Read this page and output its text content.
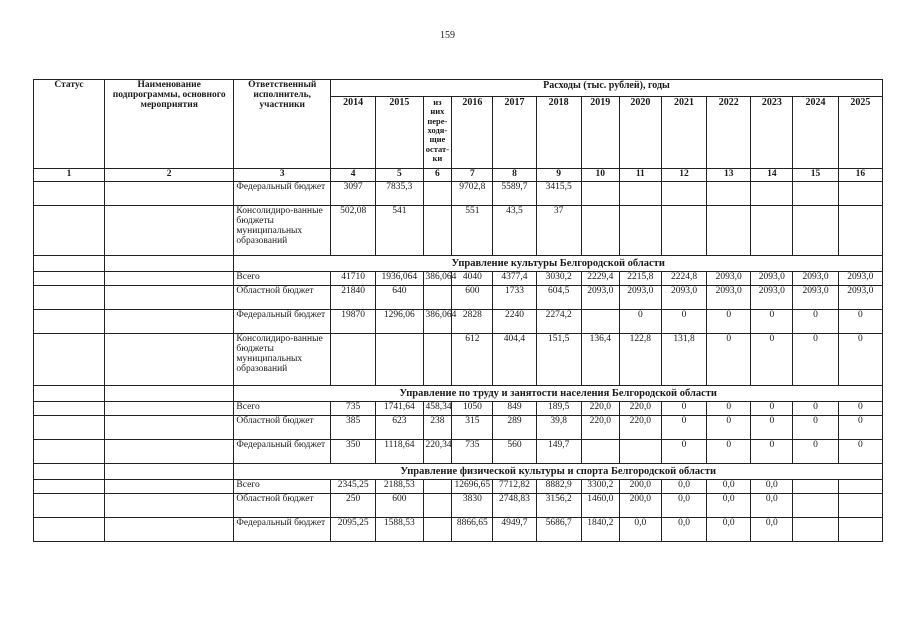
159
Статус	Наименование подпрограммы, основного мероприятия	Ответственный исполнитель, участники	Расходы (тыс. рублей), годы												
			2014	2015	из них пере-ходя-щие остат-ки	2016	2017	2018	2019	2020	2021	2022	2023	2024	2025
1	2	3	4	5	6	7	8	9	10	11	12	13	14	15	16
		Федеральный бюджет	3097	7835,3		9702,8	5589,7	3415,5							
		Консолидиро-ванные бюджеты муниципальных образований	502,08	541		551	43,5	37							
		Управление культуры Белгородской области													
		Всего	41710	1936,064	386,064	4040	4377,4	3030,2	2229,4	2215,8	2224,8	2093,0	2093,0	2093,0	2093,0
		Областной бюджет	21840	640		600	1733	604,5	2093,0	2093,0	2093,0	2093,0	2093,0	2093,0	2093,0
		Федеральный бюджет	19870	1296,06	386,064	2828	2240	2274,2		0	0	0	0	0	0
		Консолидиро-ванные бюджеты муниципальных образований				612	404,4	151,5	136,4	122,8	131,8	0	0	0	0
		Управление по труду и занятости населения Белгородской области													
		Всего	735	1741,64	458,34	1050	849	189,5	220,0	220,0	0	0	0	0	0
		Областной бюджет	385	623	238	315	289	39,8	220,0	220,0	0	0	0	0	0
		Федеральный бюджет	350	1118,64	220,34	735	560	149,7			0	0	0	0	0
		Управление физической культуры и спорта Белгородской области													
		Всего	2345,25	2188,53		12696,65	7712,82	8882,9	3300,2	200,0	0,0	0,0	0,0		
		Областной бюджет	250	600		3830	2748,83	3156,2	1460,0	200,0	0,0	0,0	0,0		
		Федеральный бюджет	2095,25	1588,53		8866,65	4949,7	5686,7	1840,2	0,0	0,0	0,0	0,0		
